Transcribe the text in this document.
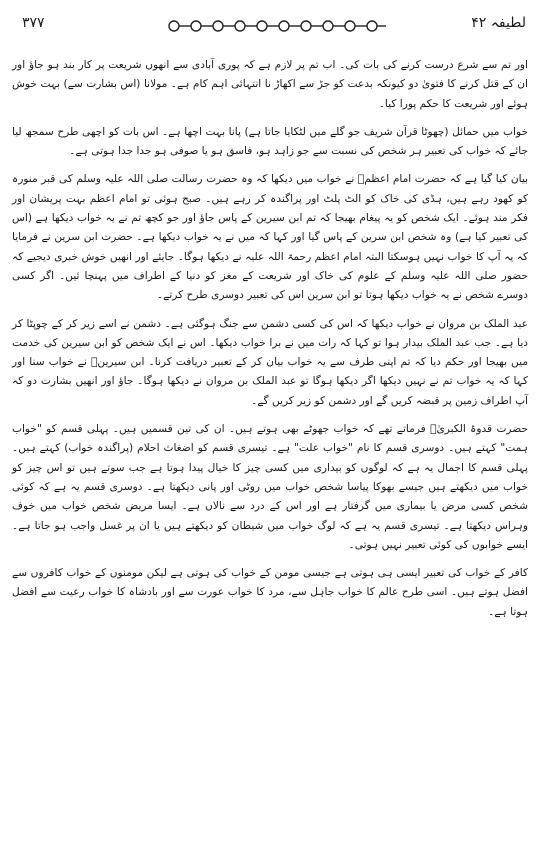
لطیفہ ۴۲
۳۷۷

اور تم سے شرع درست کرنے کی بات کی۔ اب تم پر لازم ہے کہ پوری آبادی سے انھوں شریعت پر کار بند ہو جاؤ اور ان کے قتل کرنے کا فتویٰ دو کیونکہ بدعت کو جڑ سے اکھاڑ نا انتہائی اہم کام ہے۔ مولانا (اس بشارت سے) بہت خوش ہوئے اور شریعت کا حکم پورا کیا۔

خواب میں حمائل (چھوٹا قرآن شریف جو گلے میں لٹکایا جاتا ہے) پانا بہت اچھا ہے۔ اس بات کو اچھی طرح سمجھ لیا جائے کہ خواب کی تعبیر ہر شخص کی نسبت سے جو زاہد ہو، فاسق ہو یا صوفی ہو جدا جدا ہوتی ہے۔

بیان کیا گیا ہے کہ حضرت امام اعظمؒ نے خواب میں دیکھا کہ وہ حضرت رسالت صلی اللہ علیہ وسلم کی قبر منورہ کو کھود رہے ہیں، ہڈی کی خاک کو الٹ پلٹ اور پراگندہ کر رہے ہیں۔ صبح ہوئی تو امام اعظم بہت پریشان اور فکر مند ہوئے۔ ایک شخص کو یہ پیغام بھیجا کہ تم ابن سیرین کے پاس جاؤ اور جو کچھ تم نے یہ خواب دیکھا ہے (اس کی تعبیر کیا ہے) وہ شخص ابن سرین کے پاس گیا اور کہا کہ میں نے یہ خواب دیکھا ہے۔ حضرت ابن سرین نے فرمایا کہ یہ آپ کا خواب نہیں ہوسکتا البتہ امام اعظم رحمۃ اللہ علیہ نے دیکھا ہوگا۔ جایئے اور انھیں خوش خبری دیجیے کہ حضور صلی اللہ علیہ وسلم کے علوم کی خاک اور شریعت کے مغز کو دنیا کے اطراف میں پہنچا ئیں۔ اگر کسی دوسرے شخص نے یہ خواب دیکھا ہوتا تو ابن سرین اس کی تعبیر دوسری طرح کرتے۔

عبد الملک بن مروان نے خواب دیکھا کہ اس کی کسی دشمن سے جنگ ہوگئی ہے۔ دشمن نے اسے زیر کر کے چوپٹا کر دیا ہے۔ جب عبد الملک بیدار ہوا تو کہا کہ رات میں نے برا خواب دیکھا۔ اس نے ایک شخص کو ابن سیرین کی خدمت میں بھیجا اور حکم دیا کہ تم اپنی طرف سے یہ خواب بیان کر کے تعبیر دریافت کرنا۔ ابن سیرینؒ نے خواب سنا اور کہا کہ یہ خواب تم نے نہیں دیکھا اگر دیکھا ہوگا تو عبد الملک بن مروان نے دیکھا ہوگا۔ جاؤ اور انھیں بشارت دو کہ آپ اطراف زمین پر قبضہ کریں گے اور دشمن کو زیر کریں گے۔

حضرت قدوۃ الکبریٰؒ فرماتے تھے کہ خواب جھوٹے بھی ہوتے ہیں۔ ان کی تین قسمیں ہیں۔ پہلی قسم کو "خواب ہمت" کہتے ہیں۔ دوسری قسم کا نام "خواب علت" ہے۔ تیسری قسم کو اضغاث احلام (پراگندہ خواب) کہتے ہیں۔ پہلی قسم کا اجمال یہ ہے کہ لوگوں کو بیداری میں کسی چیز کا خیال پیدا ہوتا ہے جب سوتے ہیں تو اس چیز کو خواب میں دیکھتے ہیں جیسے بھوکا پیاسا شخص خواب میں روٹی اور پانی دیکھتا ہے۔ دوسری قسم یہ ہے کہ کوئی شخص کسی مرض یا بیماری میں گرفتار ہے اور اس کے درد سے نالاں ہے۔ ایسا مریض شخص خواب میں خوف وہراس دیکھتا ہے۔ تیسری قسم یہ ہے کہ لوگ خواب میں شیطان کو دیکھتے ہیں یا ان پر غسل واجب ہو جاتا ہے۔ ایسے خوابوں کی کوئی تعبیر نہیں ہوتی۔

کافر کے خواب کی تعبیر ایسی ہی ہوتی ہے جیسی مومن کے خواب کی ہوتی ہے لیکن مومنوں کے خواب کافروں سے افضل ہوتے ہیں۔ اسی طرح عالم کا خواب جاہل سے، مرد کا خواب عورت سے اور بادشاہ کا خواب رعیت سے افضل ہوتا ہے۔
